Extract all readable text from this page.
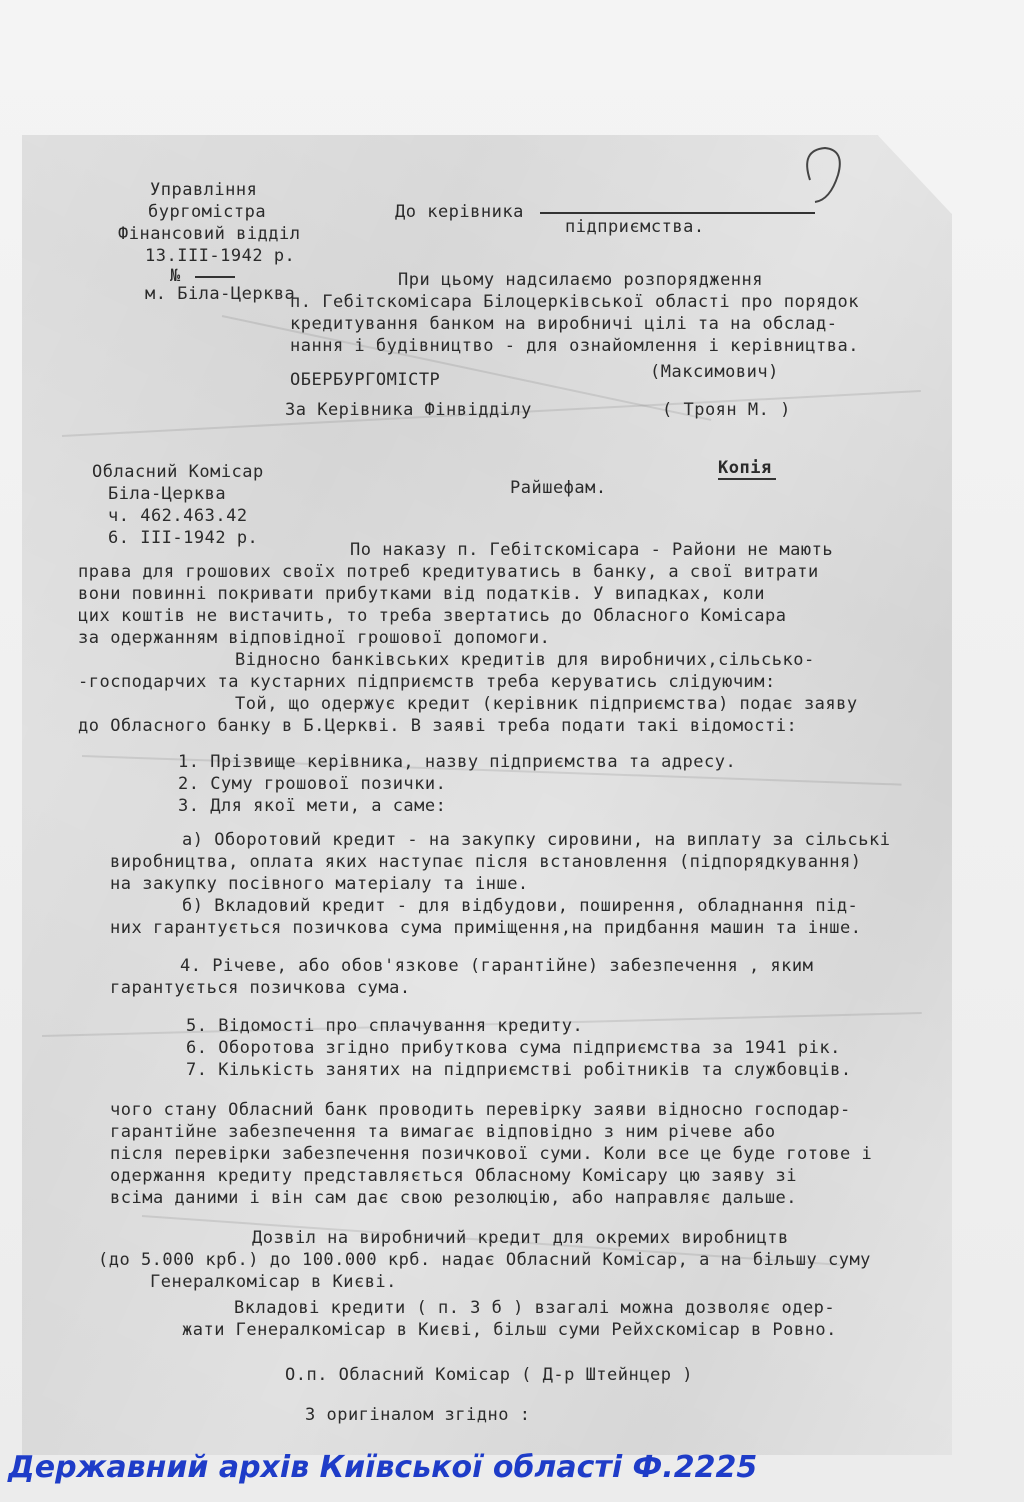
Управління
бургомістра
Фінансовий відділ
13.ІІІ-1942 р.
№
м. Біла-Церква
До керівника
підприємства.
При цьому надсилаємо розпорядження
п. Гебітскомісара Білоцерківської області про порядок
кредитування банком на виробничі цілі та на обслад-
нання і будівництво - для ознайомлення і керівництва.
ОБЕРБУРГОМІСТР	(Максимович)
За Керівника Фінвідділу	( Троян М. )
Обласний Комісар
Біла-Церква
ч. 462.463.42
6. ІІІ-1942 р.
Копія
Райшефам.
По наказу п. Гебітскомісара - Райони не мають
права для грошових своїх потреб кредитуватись в банку, а свої витрати
вони повинні покривати прибутками від податків. У випадках, коли
цих коштів не вистачить, то треба звертатись до Обласного Комісара
за одержанням відповідної грошової допомоги.
Відносно банківських кредитів для виробничих,сільсько-
-господарчих та кустарних підприємств треба керуватись слідуючим:
Той, що одержує кредит (керівник підприємства) подає заяву
до Обласного банку в Б.Церкві. В заяві треба подати такі відомості:
1. Прізвище керівника, назву підприємства та адресу.
2. Суму грошової позички.
3. Для якої мети, а саме:
а) Оборотовий кредит - на закупку сировини, на виплату за сільські
виробництва, оплата яких наступає після встановлення (підпорядкування)
на закупку посівного матеріалу та інше.
б) Вкладовий кредит - для відбудови, поширення, обладнання під-
них гарантується позичкова сума приміщення,на придбання машин та інше.
4. Річеве, або обов'язкове (гарантійне) забезпечення , яким
гарантується позичкова сума.
5. Відомості про сплачування кредиту.
6. Оборотова згідно прибуткова сума підприємства за 1941 рік.
7. Кількість занятих на підприємстві робітників та службовців.
чого стану Обласний банк проводить перевірку заяви відносно господар-
гарантійне забезпечення та вимагає відповідно з ним річеве або
після перевірки забезпечення позичкової суми. Коли все це буде готове і
одержання кредиту представляється Обласному Комісару цю заяву зі
всіма даними і він сам дає свою резолюцію, або направляє дальше.
Дозвіл на виробничий кредит для окремих виробництв
(до 5.000 крб.) до 100.000 крб. надає Обласний Комісар, а на більшу суму
Генералкомісар в Києві.
Вкладові кредити ( п. 3 б ) взагалі можна дозволяє одер-
жати Генералкомісар в Києві, більш суми Рейхскомісар в Ровно.
О.п. Обласний Комісар ( Д-р Штейнцер )
З оригіналом згідно :
Державний архів Київської області Ф.2225
